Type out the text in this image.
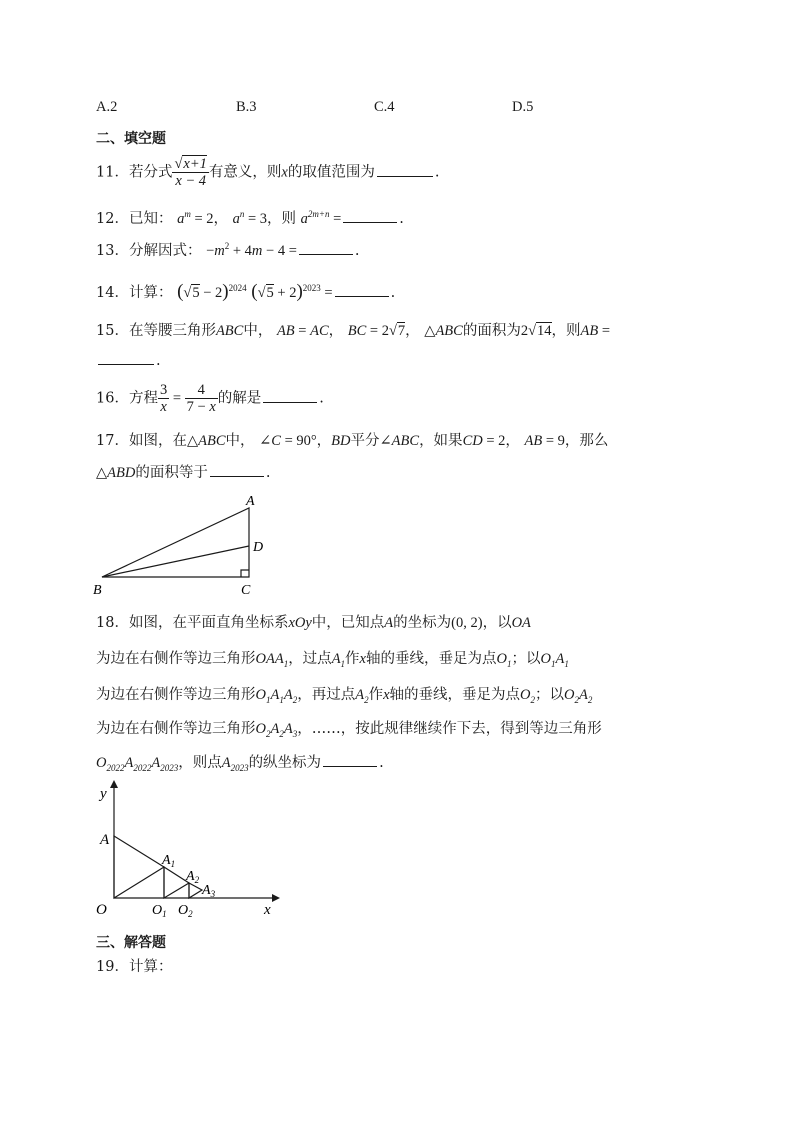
A.2	B.3	C.4	D.5
二、填空题
11．若分式 $\frac{√x+1}{x - 4}$ 有意义，则x的取值范围为	.
12．已知： $a^m = 2$， $a^n = 3$，则 $a^{2m+n}$ =	.
13．分解因式： $-m^2 + 4m - 4$ =	.
14．计算： $(√5 - 2)^{2024}$ $(√5 + 2)^{2023}$ =	.
15．在等腰三角形ABC中， AB = AC， BC = 2√7， △ABC的面积为2√14，则AB =
.
16．方程 $\frac{3}{x} = \frac{4}{7 - x}$ 的解是	.
17．如图，在△ABC中， ∠C = 90°，BD平分∠ABC，如果CD = 2， AB = 9，那么
△ABD的面积等于	.
A
B	C
D
18．如图，在平面直角坐标系xOy中，已知点A的坐标为(0, 2)，以OA
为边在右侧作等边三角形$OAA_1$，过点$A_1$作x轴的垂线，垂足为点$O_1$；以$O_1A_1$
为边在右侧作等边三角形$O_1A_1A_2$，再过点$A_2$作x轴的垂线，垂足为点$O_2$；以$O_2A_2$
为边在右侧作等边三角形$O_2A_2A_3$，……，按此规律继续作下去，得到等边三角形
$O_{2022}A_{2022}A_{2023}$，则点$A_{2023}$的纵坐标为	.
y
x
A
O
$A_1$
$A_2$
$A_3$
$O_1$ $O_2$
三、解答题
19．计算：
